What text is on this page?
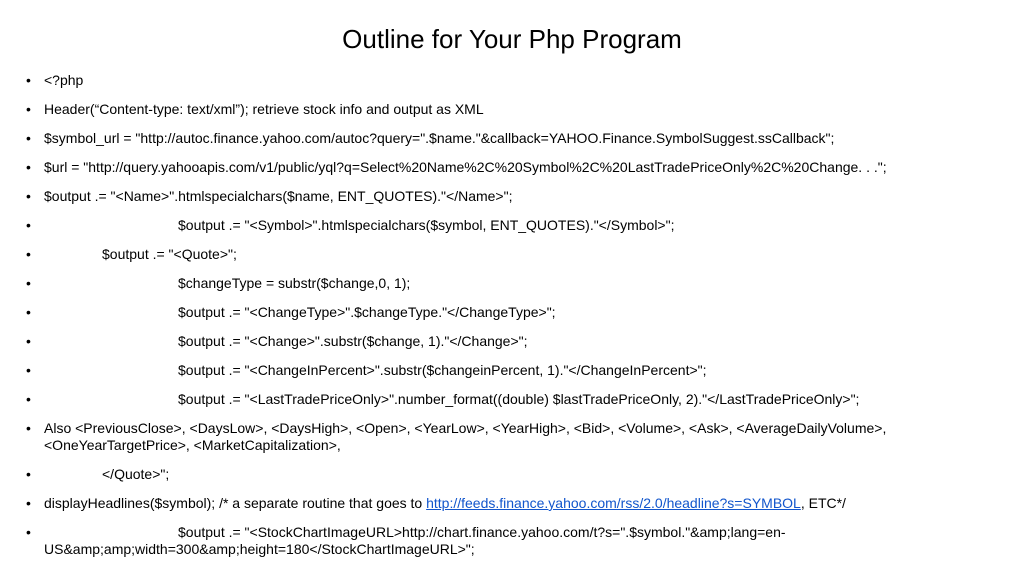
Outline for Your Php Program
• <?php
• Header(“Content-type: text/xml”); retrieve stock info and output as XML
• $symbol_url = "http://autoc.finance.yahoo.com/autoc?query=".$name."&callback=YAHOO.Finance.SymbolSuggest.ssCallback";
• $url = "http://query.yahooapis.com/v1/public/yql?q=Select%20Name%2C%20Symbol%2C%20LastTradePriceOnly%2C%20Change. . .";
• $output .= "<Name>".htmlspecialchars($name, ENT_QUOTES)."</Name>";
• $output .= "<Symbol>".htmlspecialchars($symbol, ENT_QUOTES)."</Symbol>";
• $output .= "<Quote>";
• $changeType = substr($change,0, 1);
• $output .= "<ChangeType>".$changeType."</ChangeType>";
• $output .= "<Change>".substr($change, 1)."</Change>";
• $output .= "<ChangeInPercent>".substr($changeinPercent, 1)."</ChangeInPercent>";
• $output .= "<LastTradePriceOnly>".number_format((double) $lastTradePriceOnly, 2)."</LastTradePriceOnly>";
• Also <PreviousClose>, <DaysLow>, <DaysHigh>, <Open>, <YearLow>, <YearHigh>, <Bid>, <Volume>, <Ask>, <AverageDailyVolume>, <OneYearTargetPrice>, <MarketCapitalization>,
• </Quote>";
• displayHeadlines($symbol); /* a separate routine that goes to http://feeds.finance.yahoo.com/rss/2.0/headline?s=SYMBOL, ETC*/
• $output .= "<StockChartImageURL>http://chart.finance.yahoo.com/t?s=".$symbol."&amp;lang=en-US&amp;amp;width=300&amp;height=180</StockChartImageURL>";
